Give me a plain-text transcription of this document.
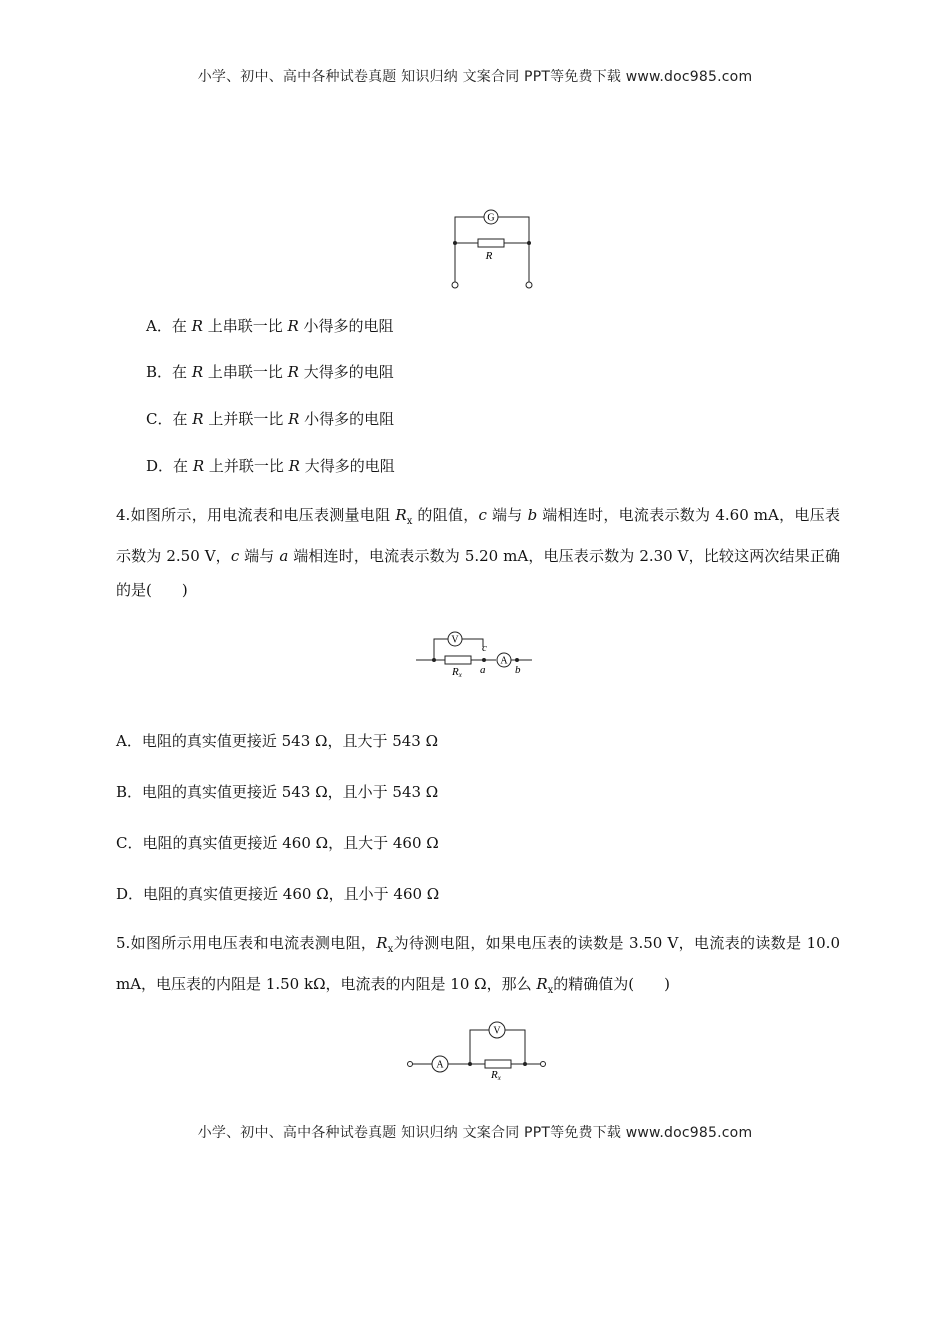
小学、初中、高中各种试卷真题 知识归纳 文案合同 PPT等免费下载 www.doc985.com
G
R
A．在 R 上串联一比 R 小得多的电阻
B．在 R 上串联一比 R 大得多的电阻
C．在 R 上并联一比 R 小得多的电阻
D．在 R 上并联一比 R 大得多的电阻
4.如图所示，用电流表和电压表测量电阻 $R_x$ 的阻值，c 端与 b 端相连时，电流表示数为 4.60 mA，电压表示数为 2.50 V，c 端与 a 端相连时，电流表示数为 5.20 mA，电压表示数为 2.30 V，比较这两次结果正确的是(　　)
V
A
Rx
c
a	b
A．电阻的真实值更接近 543 Ω，且大于 543 Ω
B．电阻的真实值更接近 543 Ω，且小于 543 Ω
C．电阻的真实值更接近 460 Ω，且大于 460 Ω
D．电阻的真实值更接近 460 Ω，且小于 460 Ω
5.如图所示用电压表和电流表测电阻，$R_x$为待测电阻，如果电压表的读数是 3.50 V，电流表的读数是 10.0 mA，电压表的内阻是 1.50 kΩ，电流表的内阻是 10 Ω，那么 $R_x$的精确值为(　　)
A
V
Rx
小学、初中、高中各种试卷真题 知识归纳 文案合同 PPT等免费下载 www.doc985.com
